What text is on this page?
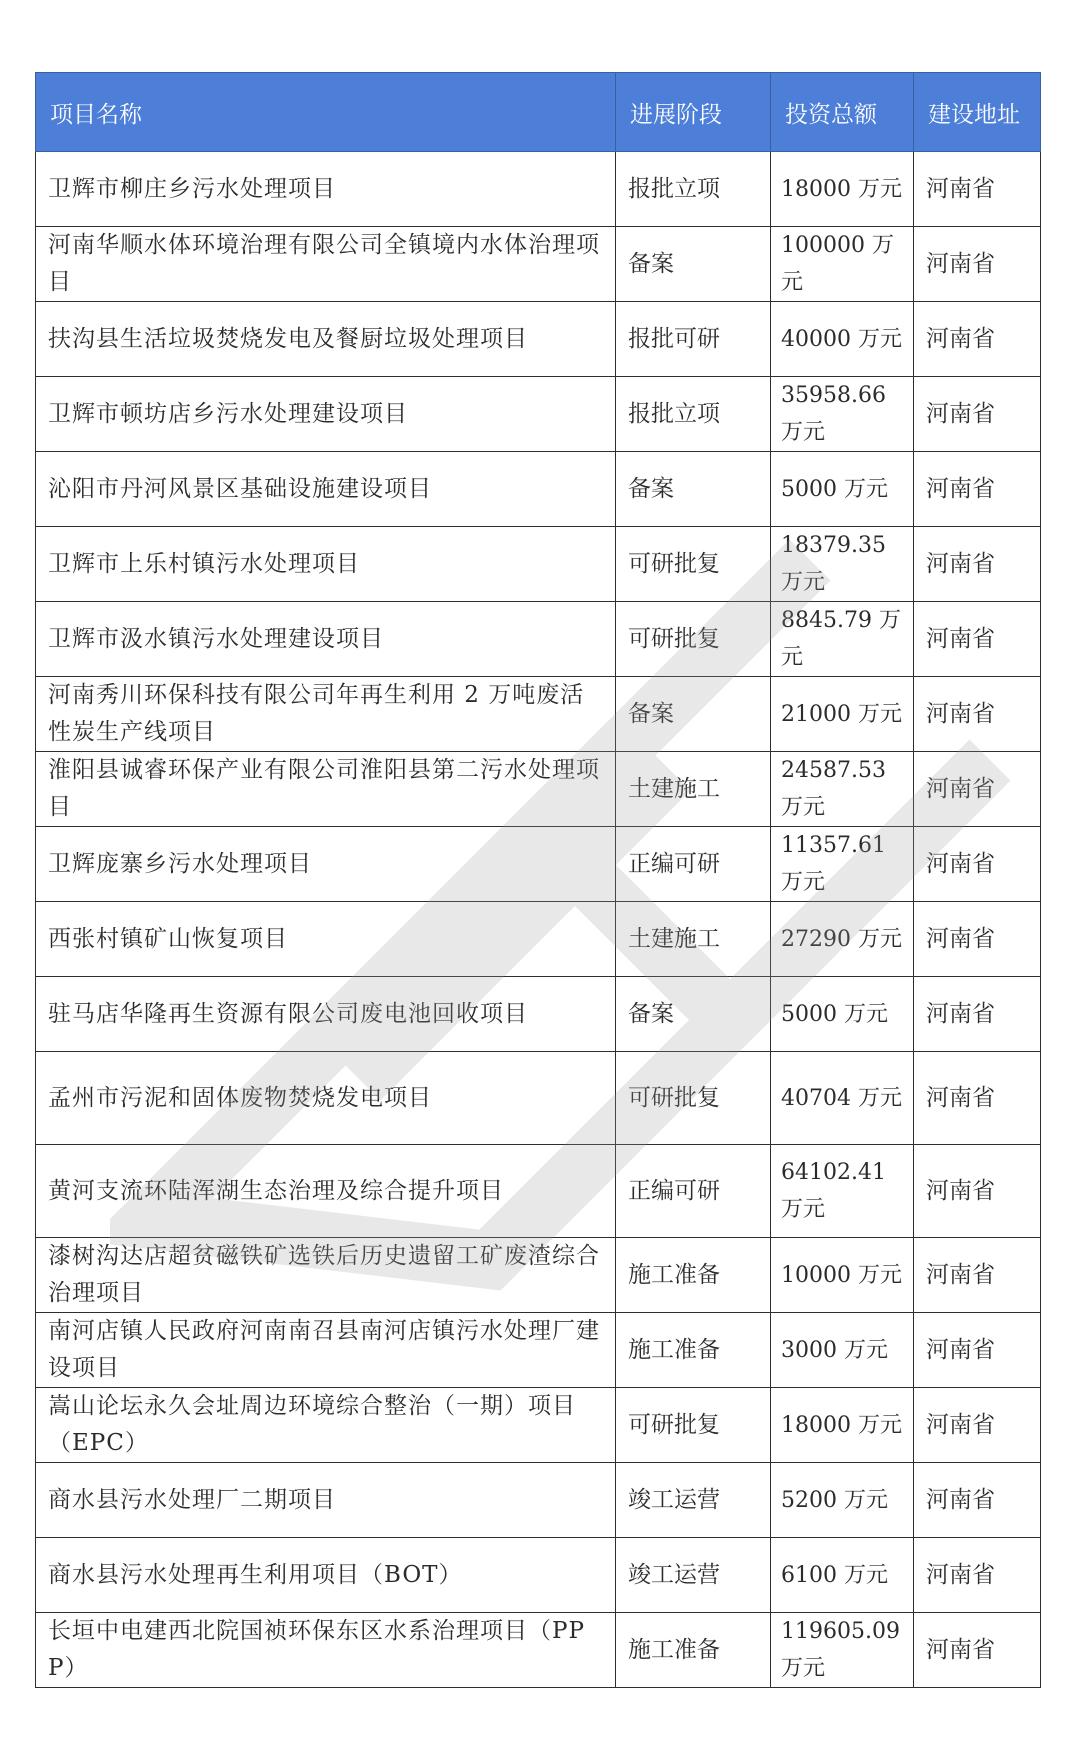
项目名称	进展阶段	投资总额	建设地址
卫辉市柳庄乡污水处理项目	报批立项	18000 万元	河南省
河南华顺水体环境治理有限公司全镇境内水体治理项目	备案	100000 万元	河南省
扶沟县生活垃圾焚烧发电及餐厨垃圾处理项目	报批可研	40000 万元	河南省
卫辉市顿坊店乡污水处理建设项目	报批立项	35958.66 万元	河南省
沁阳市丹河风景区基础设施建设项目	备案	5000 万元	河南省
卫辉市上乐村镇污水处理项目	可研批复	18379.35 万元	河南省
卫辉市汲水镇污水处理建设项目	可研批复	8845.79 万元	河南省
河南秀川环保科技有限公司年再生利用 2 万吨废活性炭生产线项目	备案	21000 万元	河南省
淮阳县诚睿环保产业有限公司淮阳县第二污水处理项目	土建施工	24587.53 万元	河南省
卫辉庞寨乡污水处理项目	正编可研	11357.61 万元	河南省
西张村镇矿山恢复项目	土建施工	27290 万元	河南省
驻马店华隆再生资源有限公司废电池回收项目	备案	5000 万元	河南省
孟州市污泥和固体废物焚烧发电项目	可研批复	40704 万元	河南省
黄河支流环陆浑湖生态治理及综合提升项目	正编可研	64102.41 万元	河南省
漆树沟达店超贫磁铁矿选铁后历史遗留工矿废渣综合治理项目	施工准备	10000 万元	河南省
南河店镇人民政府河南南召县南河店镇污水处理厂建设项目	施工准备	3000 万元	河南省
嵩山论坛永久会址周边环境综合整治（一期）项目（EPC）	可研批复	18000 万元	河南省
商水县污水处理厂二期项目	竣工运营	5200 万元	河南省
商水县污水处理再生利用项目（BOT）	竣工运营	6100 万元	河南省
长垣中电建西北院国祯环保东区水系治理项目（PPP）	施工准备	119605.09 万元	河南省
